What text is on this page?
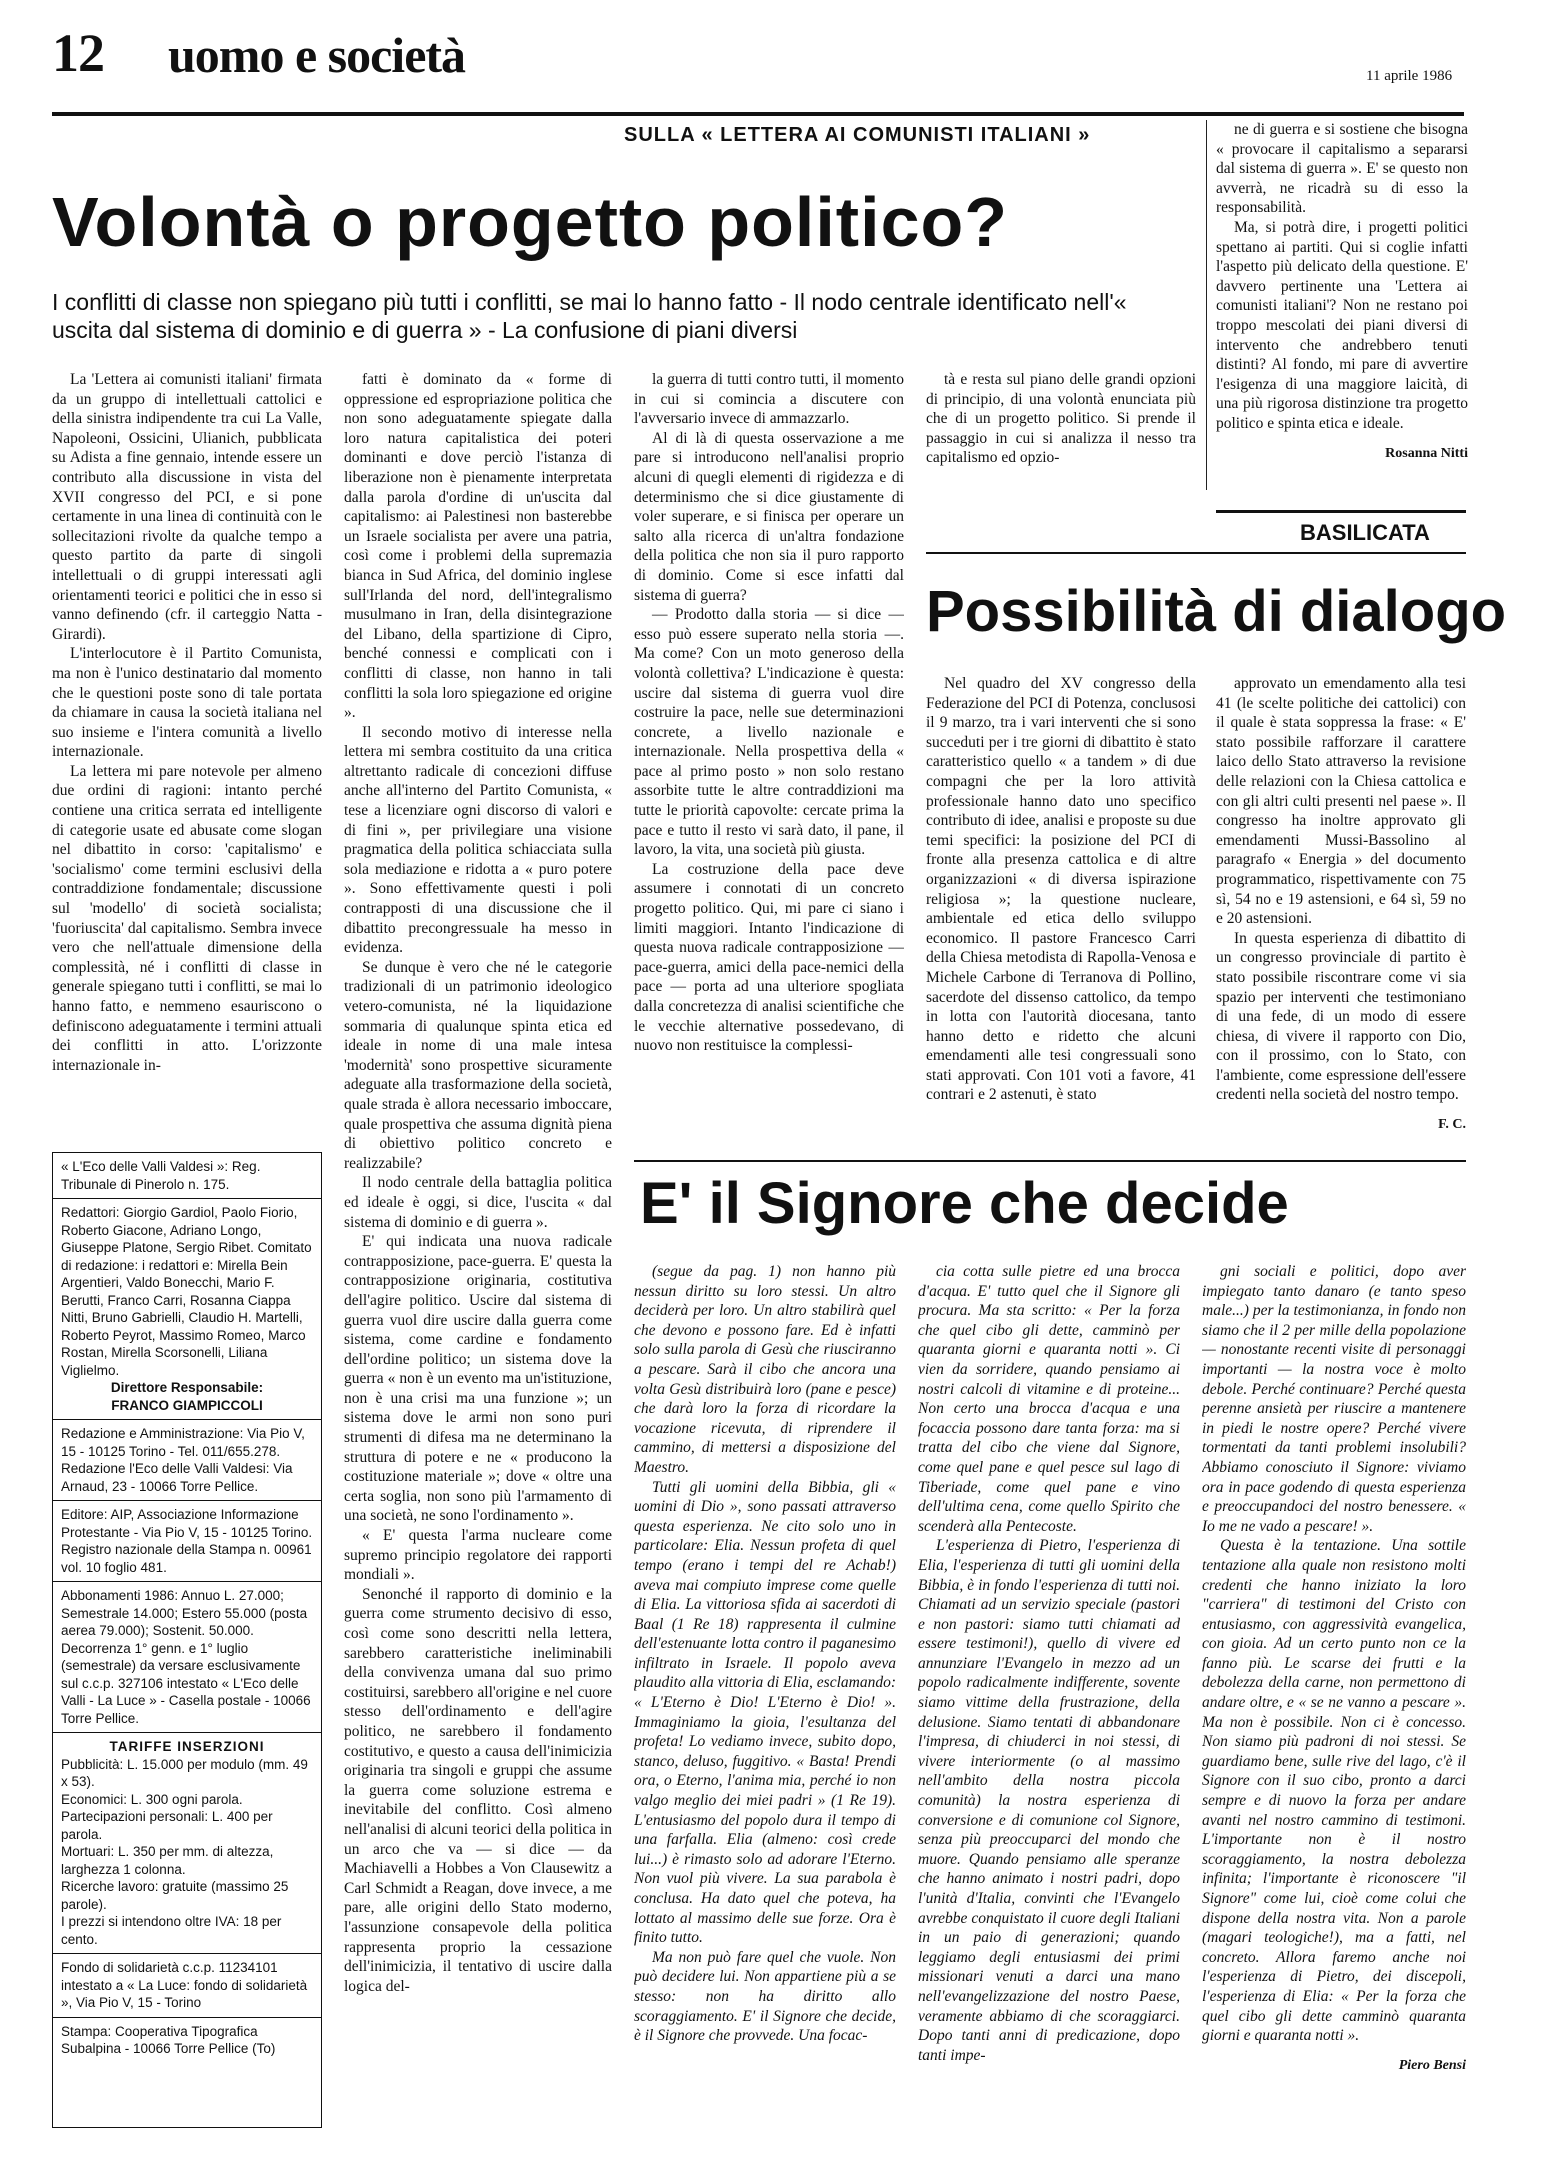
12 uomo e società	11 aprile 1986
SULLA « LETTERA AI COMUNISTI ITALIANI »
Volontà o progetto politico?
I conflitti di classe non spiegano più tutti i conflitti, se mai lo hanno fatto - Il nodo centrale identificato nell'« uscita dal sistema di dominio e di guerra » - La confusione di piani diversi

La 'Lettera ai comunisti italiani' firmata da un gruppo di intellettuali cattolici e della sinistra indipendente tra cui La Valle, Napoleoni, Ossicini, Ulianich, pubblicata su Adista a fine gennaio, intende essere un contributo alla discussione in vista del XVII congresso del PCI, e si pone certamente in una linea di continuità con le sollecitazioni rivolte da qualche tempo a questo partito da parte di singoli intellettuali o di gruppi interessati agli orientamenti teorici e politici che in esso si vanno definendo (cfr. il carteggio Natta - Girardi).

L'interlocutore è il Partito Comunista, ma non è l'unico destinatario dal momento che le questioni poste sono di tale portata da chiamare in causa la società italiana nel suo insieme e l'intera comunità a livello internazionale.

La lettera mi pare notevole per almeno due ordini di ragioni: intanto perché contiene una critica serrata ed intelligente di categorie usate ed abusate come slogan nel dibattito in corso: 'capitalismo' e 'socialismo' come termini esclusivi della contraddizione fondamentale; discussione sul 'modello' di società socialista; 'fuoriuscita' dal capitalismo. Sembra invece vero che nell'attuale dimensione della complessità, né i conflitti di classe in generale spiegano tutti i conflitti, se mai lo hanno fatto, e nemmeno esauriscono o definiscono adeguatamente i termini attuali dei conflitti in atto. L'orizzonte internazionale in-

fatti è dominato da « forme di oppressione ed espropriazione politica che non sono adeguatamente spiegate dalla loro natura capitalistica dei poteri dominanti e dove perciò l'istanza di liberazione non è pienamente interpretata dalla parola d'ordine di un'uscita dal capitalismo: ai Palestinesi non basterebbe un Israele socialista per avere una patria, così come i problemi della supremazia bianca in Sud Africa, del dominio inglese sull'Irlanda del nord, dell'integralismo musulmano in Iran, della disintegrazione del Libano, della spartizione di Cipro, benché connessi e complicati con i conflitti di classe, non hanno in tali conflitti la sola loro spiegazione ed origine ».

Il secondo motivo di interesse nella lettera mi sembra costituito da una critica altrettanto radicale di concezioni diffuse anche all'interno del Partito Comunista, « tese a licenziare ogni discorso di valori e di fini », per privilegiare una visione pragmatica della politica schiacciata sulla sola mediazione e ridotta a « puro potere ». Sono effettivamente questi i poli contrapposti di una discussione che il dibattito precongressuale ha messo in evidenza.

Se dunque è vero che né le categorie tradizionali di un patrimonio ideologico vetero-comunista, né la liquidazione sommaria di qualunque spinta etica ed ideale in nome di una male intesa 'modernità' sono prospettive sicuramente adeguate alla trasformazione della società, quale strada è allora necessario imboccare, quale prospettiva che assuma dignità piena di obiettivo politico concreto e realizzabile?

Il nodo centrale della battaglia politica ed ideale è oggi, si dice, l'uscita « dal sistema di dominio e di guerra ».

E' qui indicata una nuova radicale contrapposizione, pace-guerra. E' questa la contrapposizione originaria, costitutiva dell'agire politico. Uscire dal sistema di guerra vuol dire uscire dalla guerra come sistema, come cardine e fondamento dell'ordine politico; un sistema dove la guerra « non è un evento ma un'istituzione, non è una crisi ma una funzione »; un sistema dove le armi non sono puri strumenti di difesa ma ne determinano la struttura di potere e ne « producono la costituzione materiale »; dove « oltre una certa soglia, non sono più l'armamento di una società, ne sono l'ordinamento ».

« E' questa l'arma nucleare come supremo principio regolatore dei rapporti mondiali ».

Senonché il rapporto di dominio e la guerra come strumento decisivo di esso, così come sono descritti nella lettera, sarebbero caratteristiche ineliminabili della convivenza umana dal suo primo costituirsi, sarebbero all'origine e nel cuore stesso dell'ordinamento e dell'agire politico, ne sarebbero il fondamento costitutivo, e questo a causa dell'inimicizia originaria tra singoli e gruppi che assume la guerra come soluzione estrema e inevitabile del conflitto. Così almeno nell'analisi di alcuni teorici della politica in un arco che va — si dice — da Machiavelli a Hobbes a Von Clausewitz a Carl Schmidt a Reagan, dove invece, a me pare, alle origini dello Stato moderno, l'assunzione consapevole della politica rappresenta proprio la cessazione dell'inimicizia, il tentativo di uscire dalla logica del-

la guerra di tutti contro tutti, il momento in cui si comincia a discutere con l'avversario invece di ammazzarlo.

Al di là di questa osservazione a me pare si introducono nell'analisi proprio alcuni di quegli elementi di rigidezza e di determinismo che si dice giustamente di voler superare, e si finisca per operare un salto alla ricerca di un'altra fondazione della politica che non sia il puro rapporto di dominio. Come si esce infatti dal sistema di guerra?

— Prodotto dalla storia — si dice — esso può essere superato nella storia —. Ma come? Con un moto generoso della volontà collettiva? L'indicazione è questa: uscire dal sistema di guerra vuol dire costruire la pace, nelle sue determinazioni concrete, a livello nazionale e internazionale. Nella prospettiva della « pace al primo posto » non solo restano assorbite tutte le altre contraddizioni ma tutte le priorità capovolte: cercate prima la pace e tutto il resto vi sarà dato, il pane, il lavoro, la vita, una società più giusta.

La costruzione della pace deve assumere i connotati di un concreto progetto politico. Qui, mi pare ci siano i limiti maggiori. Intanto l'indicazione di questa nuova radicale contrapposizione — pace-guerra, amici della pace-nemici della pace — porta ad una ulteriore spogliata dalla concretezza di analisi scientifiche che le vecchie alternative possedevano, di nuovo non restituisce la complessi-

tà e resta sul piano delle grandi opzioni di principio, di una volontà enunciata più che di un progetto politico. Si prende il passaggio in cui si analizza il nesso tra capitalismo ed opzio-

ne di guerra e si sostiene che bisogna « provocare il capitalismo a separarsi dal sistema di guerra ». E' se questo non avverrà, ne ricadrà su di esso la responsabilità.

Ma, si potrà dire, i progetti politici spettano ai partiti. Qui si coglie infatti l'aspetto più delicato della questione. E' davvero pertinente una 'Lettera ai comunisti italiani'? Non ne restano poi troppo mescolati dei piani diversi di intervento che andrebbero tenuti distinti? Al fondo, mi pare di avvertire l'esigenza di una maggiore laicità, di una più rigorosa distinzione tra progetto politico e spinta etica e ideale.

Rosanna Nitti

BASILICATA
Possibilità di dialogo

Nel quadro del XV congresso della Federazione del PCI di Potenza, conclusosi il 9 marzo, tra i vari interventi che si sono succeduti per i tre giorni di dibattito è stato caratteristico quello « a tandem » di due compagni che per la loro attività professionale hanno dato uno specifico contributo di idee, analisi e proposte su due temi specifici: la posizione del PCI di fronte alla presenza cattolica e di altre organizzazioni « di diversa ispirazione religiosa »; la questione nucleare, ambientale ed etica dello sviluppo economico. Il pastore Francesco Carri della Chiesa metodista di Rapolla-Venosa e Michele Carbone di Terranova di Pollino, sacerdote del dissenso cattolico, da tempo in lotta con l'autorità diocesana, tanto hanno detto e ridetto che alcuni emendamenti alle tesi congressuali sono stati approvati. Con 101 voti a favore, 41 contrari e 2 astenuti, è stato

approvato un emendamento alla tesi 41 (le scelte politiche dei cattolici) con il quale è stata soppressa la frase: « E' stato possibile rafforzare il carattere laico dello Stato attraverso la revisione delle relazioni con la Chiesa cattolica e con gli altri culti presenti nel paese ». Il congresso ha inoltre approvato gli emendamenti Mussi-Bassolino al paragrafo « Energia » del documento programmatico, rispettivamente con 75 sì, 54 no e 19 astensioni, e 64 sì, 59 no e 20 astensioni.

In questa esperienza di dibattito di un congresso provinciale di partito è stato possibile riscontrare come vi sia spazio per interventi che testimoniano di una fede, di un modo di essere chiesa, di vivere il rapporto con Dio, con il prossimo, con lo Stato, con l'ambiente, come espressione dell'essere credenti nella società del nostro tempo.

F. C.

E' il Signore che decide

(segue da pag. 1) non hanno più nessun diritto su loro stessi. Un altro deciderà per loro. Un altro stabilirà quel che devono e possono fare. Ed è infatti solo sulla parola di Gesù che riusciranno a pescare. Sarà il cibo che ancora una volta Gesù distribuirà loro (pane e pesce) che darà loro la forza di ricordare la vocazione ricevuta, di riprendere il cammino, di mettersi a disposizione del Maestro.

Tutti gli uomini della Bibbia, gli « uomini di Dio », sono passati attraverso questa esperienza. Ne cito solo uno in particolare: Elia. Nessun profeta di quel tempo (erano i tempi del re Achab!) aveva mai compiuto imprese come quelle di Elia. La vittoriosa sfida ai sacerdoti di Baal (1 Re 18) rappresenta il culmine dell'estenuante lotta contro il paganesimo infiltrato in Israele. Il popolo aveva plaudito alla vittoria di Elia, esclamando: « L'Eterno è Dio! L'Eterno è Dio! ». Immaginiamo la gioia, l'esultanza del profeta! Lo vediamo invece, subito dopo, stanco, deluso, fuggitivo. « Basta! Prendi ora, o Eterno, l'anima mia, perché io non valgo meglio dei miei padri » (1 Re 19). L'entusiasmo del popolo dura il tempo di una farfalla. Elia (almeno: così crede lui...) è rimasto solo ad adorare l'Eterno. Non vuol più vivere. La sua parabola è conclusa. Ha dato quel che poteva, ha lottato al massimo delle sue forze. Ora è finito tutto.

Ma non può fare quel che vuole. Non può decidere lui. Non appartiene più a se stesso: non ha diritto allo scoraggiamento. E' il Signore che decide, è il Signore che provvede. Una focac-

cia cotta sulle pietre ed una brocca d'acqua. E' tutto quel che il Signore gli procura. Ma sta scritto: « Per la forza che quel cibo gli dette, camminò per quaranta giorni e quaranta notti ». Ci vien da sorridere, quando pensiamo ai nostri calcoli di vitamine e di proteine... Non certo una brocca d'acqua e una focaccia possono dare tanta forza: ma si tratta del cibo che viene dal Signore, come quel pane e quel pesce sul lago di Tiberiade, come quel pane e vino dell'ultima cena, come quello Spirito che scenderà alla Pentecoste.

L'esperienza di Pietro, l'esperienza di Elia, l'esperienza di tutti gli uomini della Bibbia, è in fondo l'esperienza di tutti noi. Chiamati ad un servizio speciale (pastori e non pastori: siamo tutti chiamati ad essere testimoni!), quello di vivere ed annunziare l'Evangelo in mezzo ad un popolo radicalmente indifferente, sovente siamo vittime della frustrazione, della delusione. Siamo tentati di abbandonare l'impresa, di chiuderci in noi stessi, di vivere interiormente (o al massimo nell'ambito della nostra piccola comunità) la nostra esperienza di conversione e di comunione col Signore, senza più preoccuparci del mondo che muore. Quando pensiamo alle speranze che hanno animato i nostri padri, dopo l'unità d'Italia, convinti che l'Evangelo avrebbe conquistato il cuore degli Italiani in un paio di generazioni; quando leggiamo degli entusiasmi dei primi missionari venuti a darci una mano nell'evangelizzazione del nostro Paese, veramente abbiamo di che scoraggiarci. Dopo tanti anni di predicazione, dopo tanti impe-

gni sociali e politici, dopo aver impiegato tanto danaro (e tanto speso male...) per la testimonianza, in fondo non siamo che il 2 per mille della popolazione — nonostante recenti visite di personaggi importanti — la nostra voce è molto debole. Perché continuare? Perché questa perenne ansietà per riuscire a mantenere in piedi le nostre opere? Perché vivere tormentati da tanti problemi insolubili? Abbiamo conosciuto il Signore: viviamo ora in pace godendo di questa esperienza e preoccupandoci del nostro benessere. « Io me ne vado a pescare! ».

Questa è la tentazione. Una sottile tentazione alla quale non resistono molti credenti che hanno iniziato la loro "carriera" di testimoni del Cristo con entusiasmo, con aggressività evangelica, con gioia. Ad un certo punto non ce la fanno più. Le scarse dei frutti e la debolezza della carne, non permettono di andare oltre, e « se ne vanno a pescare ». Ma non è possibile. Non ci è concesso. Non siamo più padroni di noi stessi. Se guardiamo bene, sulle rive del lago, c'è il Signore con il suo cibo, pronto a darci sempre e di nuovo la forza per andare avanti nel nostro cammino di testimoni. L'importante non è il nostro scoraggiamento, la nostra debolezza infinita; l'importante è riconoscere "il Signore" come lui, cioè come colui che dispone della nostra vita. Non a parole (magari teologiche!), ma a fatti, nel concreto. Allora faremo anche noi l'esperienza di Pietro, dei discepoli, l'esperienza di Elia: « Per la forza che quel cibo gli dette camminò quaranta giorni e quaranta notti ».

Piero Bensi

« L'Eco delle Valli Valdesi »: Reg. Tribunale di Pinerolo n. 175.
Redattori: Giorgio Gardiol, Paolo Fiorio, Roberto Giacone, Adriano Longo, Giuseppe Platone, Sergio Ribet. Comitato di redazione: i redattori e: Mirella Bein Argentieri, Valdo Bonecchi, Mario F. Berutti, Franco Carri, Rosanna Ciappa Nitti, Bruno Gabrielli, Claudio H. Martelli, Roberto Peyrot, Massimo Romeo, Marco Rostan, Mirella Scorsonelli, Liliana Viglielmo.
Direttore Responsabile:
FRANCO GIAMPICCOLI
Redazione e Amministrazione: Via Pio V, 15 - 10125 Torino - Tel. 011/655.278.
Redazione l'Eco delle Valli Valdesi: Via Arnaud, 23 - 10066 Torre Pellice.
Editore: AIP, Associazione Informazione Protestante - Via Pio V, 15 - 10125 Torino.
Registro nazionale della Stampa n. 00961 vol. 10 foglio 481.
Abbonamenti 1986: Annuo L. 27.000; Semestrale 14.000; Estero 55.000 (posta aerea 79.000); Sostenit. 50.000. Decorrenza 1° genn. e 1° luglio (semestrale) da versare esclusivamente sul c.c.p. 327106 intestato « L'Eco delle Valli - La Luce » - Casella postale - 10066 Torre Pellice.
TARIFFE INSERZIONI
Pubblicità: L. 15.000 per modulo (mm. 49 x 53).
Economici: L. 300 ogni parola.
Partecipazioni personali: L. 400 per parola.
Mortuari: L. 350 per mm. di altezza, larghezza 1 colonna.
Ricerche lavoro: gratuite (massimo 25 parole).
I prezzi si intendono oltre IVA: 18 per cento.
Fondo di solidarietà c.c.p. 11234101 intestato a « La Luce: fondo di solidarietà », Via Pio V, 15 - Torino
Stampa: Cooperativa Tipografica Subalpina - 10066 Torre Pellice (To)
